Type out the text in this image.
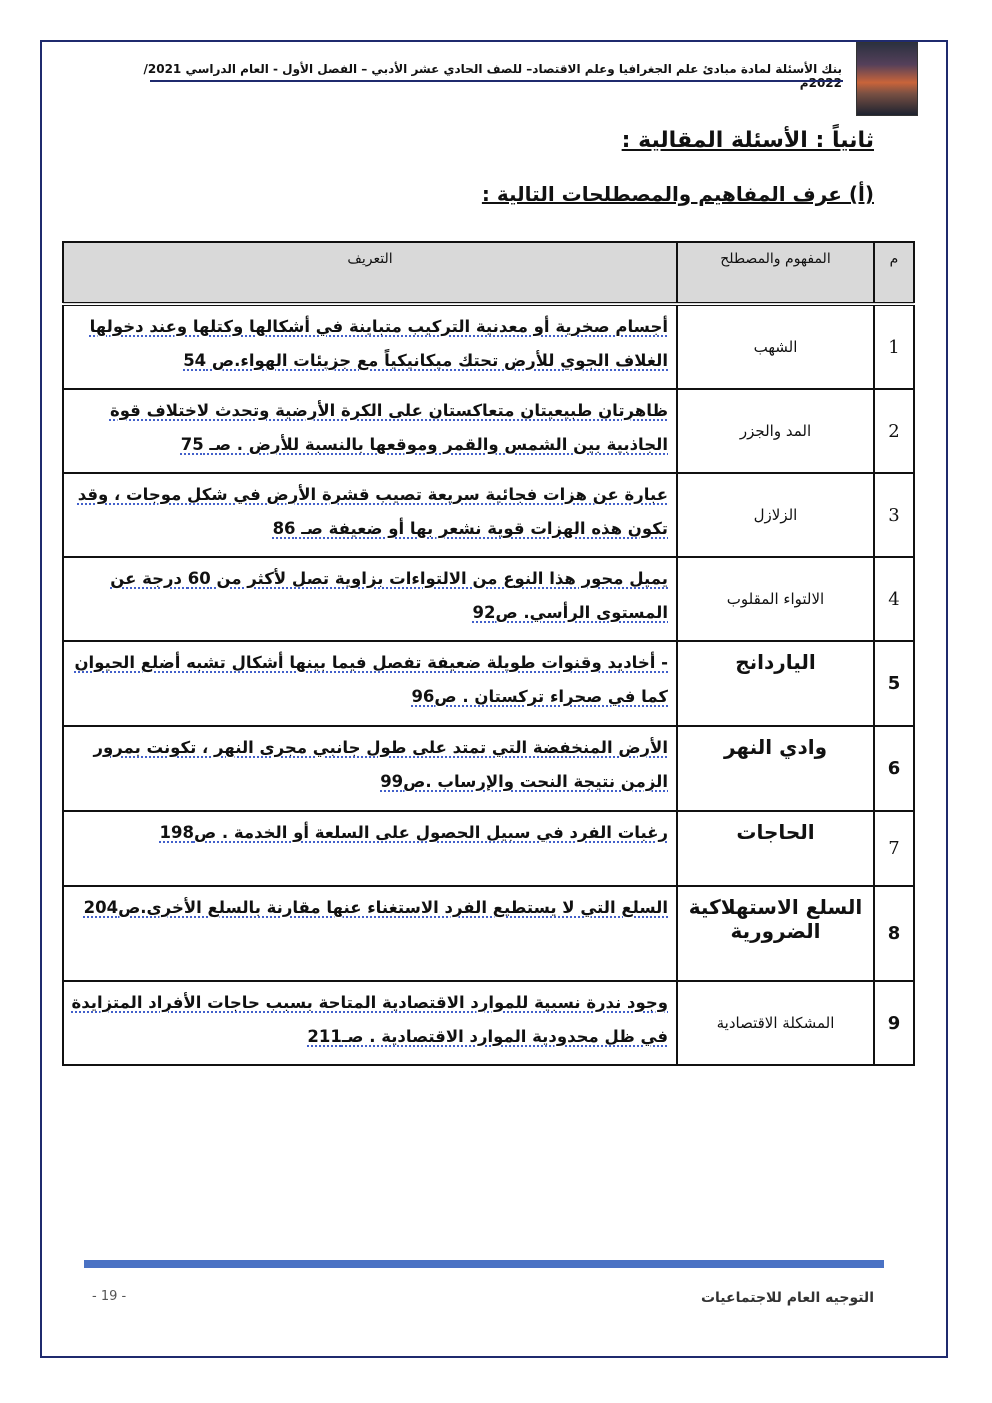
بنك الأسئلة لمادة مبادئ علم الجغرافيا وعلم الاقتصاد– للصف الحادي عشر الأدبي – الفصل الأول - العام الدراسي 2021/ 2022م
ثانياً : الأسئلة المقالية :
(أ) عرف المفاهيم والمصطلحات التالية :
م	المفهوم والمصطلح	التعريف
1	الشهب	أجسام صخرية أو معدنية التركيب متباينة في أشكالها وكتلها وعند دخولها الغلاف الجوي للأرض تحتك ميكانيكياً مع جزيئات الهواء.ص 54
2	المد والجزر	ظاهرتان طبيعيتان متعاكستان على الكرة الأرضية وتحدث لاختلاف قوة الجاذبية بين الشمس والقمر وموقعها بالنسبة للأرض . صـ 75
3	الزلازل	عبارة عن هزات فجائية سريعة تصيب قشرة الأرض في شكل موجات ، وقد تكون هذه الهزات قوية نشعر بها أو ضعيفة صـ 86
4	الالتواء المقلوب	يميل محور هذا النوع من الالتواءات بزاوية تصل لأكثر من 60 درجة عن المستوى الرأسي. ص92
5	الياردانج	- أخاديد وقنوات طويلة ضعيفة تفصل فيما بينها أشكال تشبه أضلع الحيوان كما في صحراء تركستان . ص96
6	وادي النهر	الأرض المنخفضة التي تمتد على طول جانبي مجرى النهر ، تكونت بمرور الزمن نتيجة النحت والإرساب .ص99
7	الحاجات	رغبات الفرد في سبيل الحصول على السلعة أو الخدمة . ص198
8	السلع الاستهلاكية الضرورية	السلع التي لا يستطيع الفرد الاستغناء عنها مقارنة بالسلع الأخرى.ص204
9	المشكلة الاقتصادية	وجود ندرة نسبية للموارد الاقتصادية المتاحة بسبب حاجات الأفراد المتزايدة في ظل محدودية الموارد الاقتصادية . صـ211
التوجيه العام للاجتماعيات
- 19 -
